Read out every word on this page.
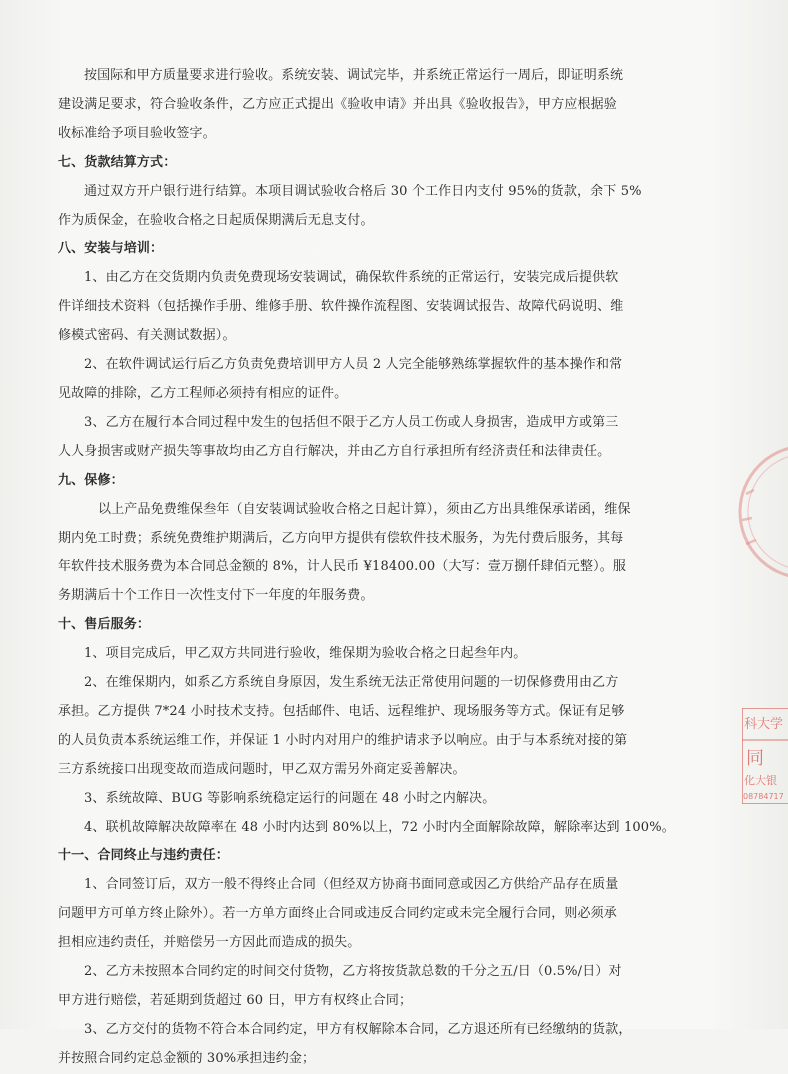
按国际和甲方质量要求进行验收。系统安装、调试完毕，并系统正常运行一周后，即证明系统

建设满足要求，符合验收条件，乙方应正式提出《验收申请》并出具《验收报告》，甲方应根据验

收标准给予项目验收签字。

七、货款结算方式：

通过双方开户银行进行结算。本项目调试验收合格后 30 个工作日内支付 95%的货款，余下 5%

作为质保金，在验收合格之日起质保期满后无息支付。

八、安装与培训：

1、由乙方在交货期内负责免费现场安装调试，确保软件系统的正常运行，安装完成后提供软

件详细技术资料（包括操作手册、维修手册、软件操作流程图、安装调试报告、故障代码说明、维

修模式密码、有关测试数据）。

2、在软件调试运行后乙方负责免费培训甲方人员 2 人完全能够熟练掌握软件的基本操作和常

见故障的排除，乙方工程师必须持有相应的证件。

3、乙方在履行本合同过程中发生的包括但不限于乙方人员工伤或人身损害，造成甲方或第三

人人身损害或财产损失等事故均由乙方自行解决，并由乙方自行承担所有经济责任和法律责任。

九、保修：

以上产品免费维保叁年（自安装调试验收合格之日起计算），须由乙方出具维保承诺函，维保

期内免工时费；系统免费维护期满后，乙方向甲方提供有偿软件技术服务，为先付费后服务，其每

年软件技术服务费为本合同总金额的 8%，计人民币 ¥18400.00（大写：壹万捌仟肆佰元整）。服

务期满后十个工作日一次性支付下一年度的年服务费。

十、售后服务：

1、项目完成后，甲乙双方共同进行验收，维保期为验收合格之日起叁年内。

2、在维保期内，如系乙方系统自身原因，发生系统无法正常使用问题的一切保修费用由乙方

承担。乙方提供 7*24 小时技术支持。包括邮件、电话、远程维护、现场服务等方式。保证有足够

的人员负责本系统运维工作，并保证 1 小时内对用户的维护请求予以响应。由于与本系统对接的第

三方系统接口出现变故而造成问题时，甲乙双方需另外商定妥善解决。

3、系统故障、BUG 等影响系统稳定运行的问题在 48 小时之内解决。

4、联机故障解决故障率在 48 小时内达到 80%以上，72 小时内全面解除故障，解除率达到 100%。

十一、合同终止与违约责任：

1、合同签订后，双方一般不得终止合同（但经双方协商书面同意或因乙方供给产品存在质量

问题甲方可单方终止除外）。若一方单方面终止合同或违反合同约定或未完全履行合同，则必须承

担相应违约责任，并赔偿另一方因此而造成的损失。

2、乙方未按照本合同约定的时间交付货物，乙方将按货款总数的千分之五/日（0.5%/日）对

甲方进行赔偿，若延期到货超过 60 日，甲方有权终止合同；

3、乙方交付的货物不符合本合同约定，甲方有权解除本合同，乙方退还所有已经缴纳的货款，

并按照合同约定总金额的 30%承担违约金；

科大学
同
化大银
08784717
